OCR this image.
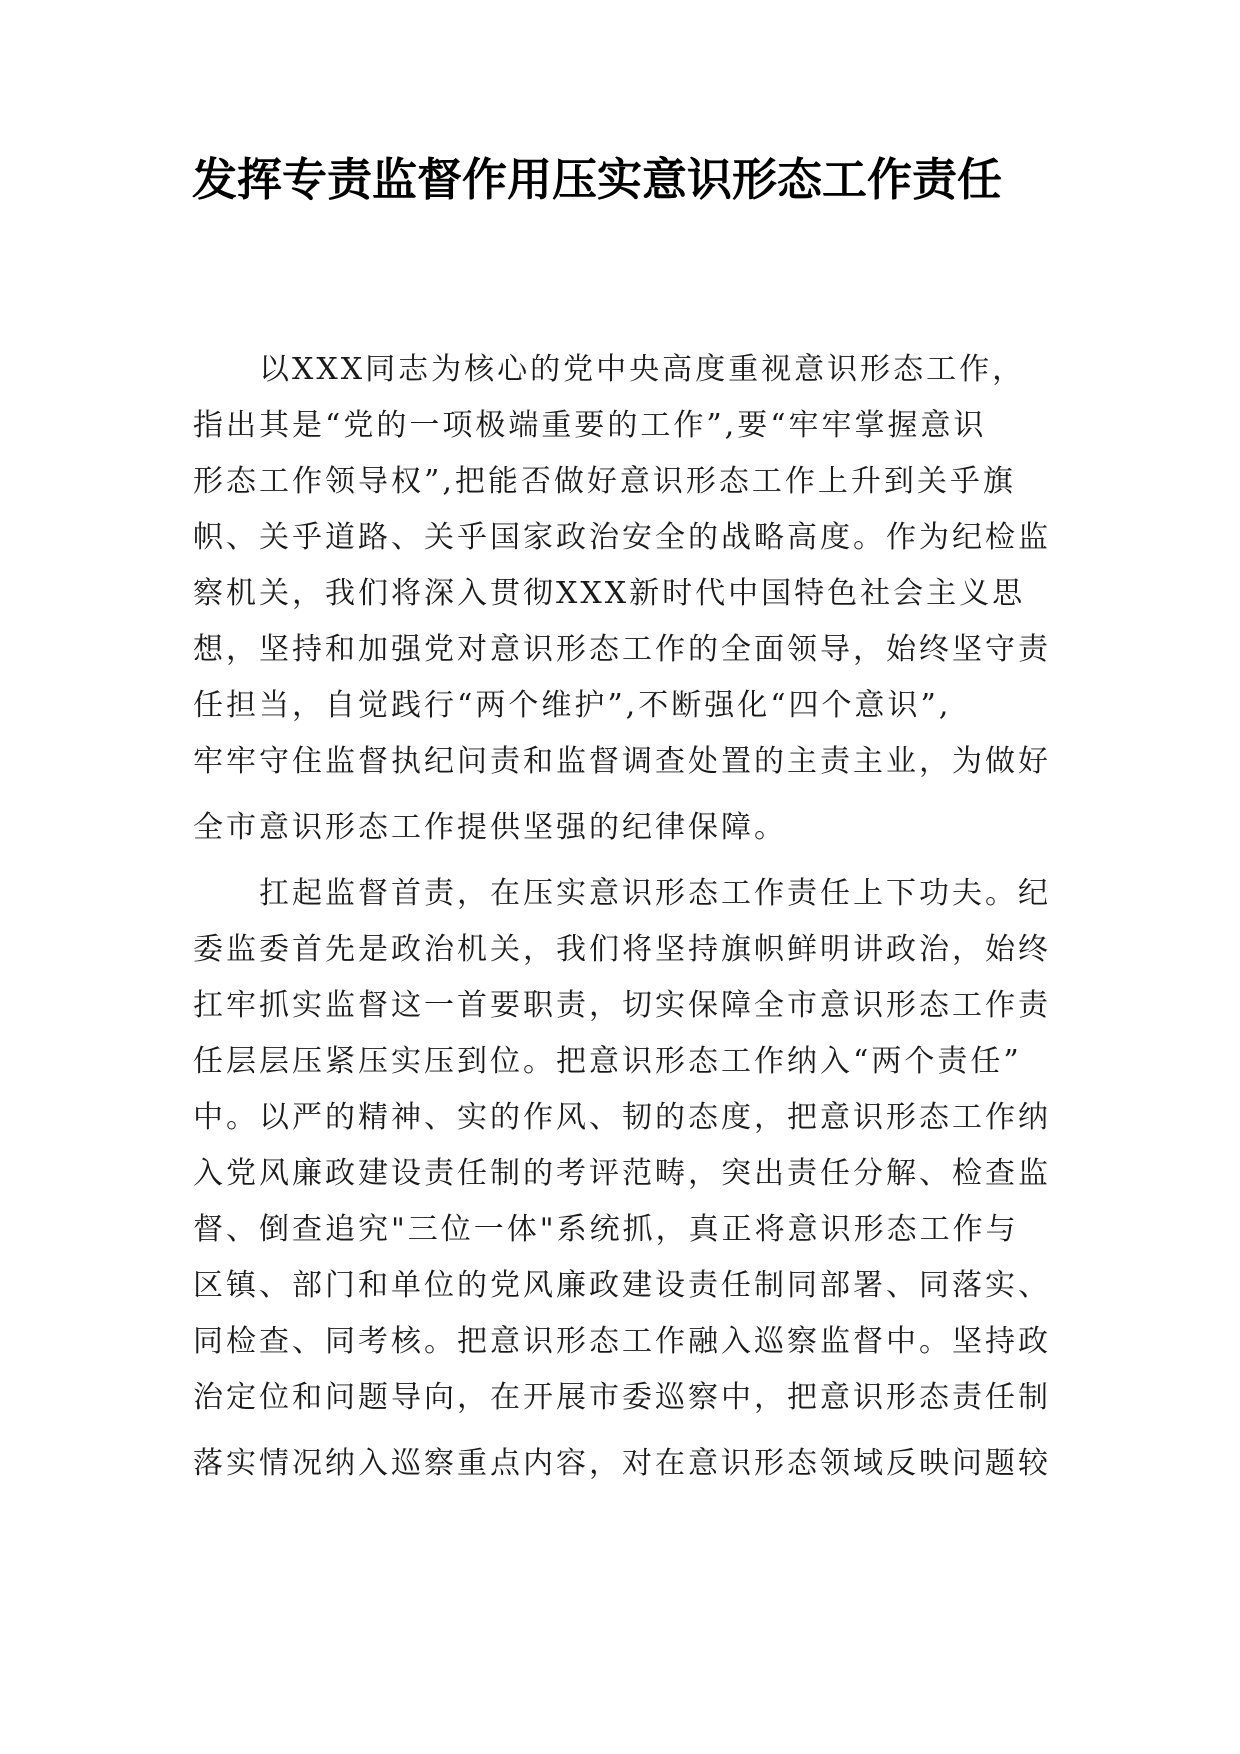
发挥专责监督作用压实意识形态工作责任
以XXX同志为核心的党中央高度重视意识形态工作，
指出其是“党的一项极端重要的工作”,要“牢牢掌握意识
形态工作领导权”,把能否做好意识形态工作上升到关乎旗
帜、关乎道路、关乎国家政治安全的战略高度。作为纪检监
察机关，我们将深入贯彻XXX新时代中国特色社会主义思
想，坚持和加强党对意识形态工作的全面领导，始终坚守责
任担当，自觉践行“两个维护”,不断强化“四个意识”,
牢牢守住监督执纪问责和监督调查处置的主责主业，为做好
全市意识形态工作提供坚强的纪律保障。
扛起监督首责，在压实意识形态工作责任上下功夫。纪
委监委首先是政治机关，我们将坚持旗帜鲜明讲政治，始终
扛牢抓实监督这一首要职责，切实保障全市意识形态工作责
任层层压紧压实压到位。把意识形态工作纳入“两个责任”
中。以严的精神、实的作风、韧的态度，把意识形态工作纳
入党风廉政建设责任制的考评范畴，突出责任分解、检查监
督、倒查追究"三位一体"系统抓，真正将意识形态工作与
区镇、部门和单位的党风廉政建设责任制同部署、同落实、
同检查、同考核。把意识形态工作融入巡察监督中。坚持政
治定位和问题导向，在开展市委巡察中，把意识形态责任制
落实情况纳入巡察重点内容，对在意识形态领域反映问题较
